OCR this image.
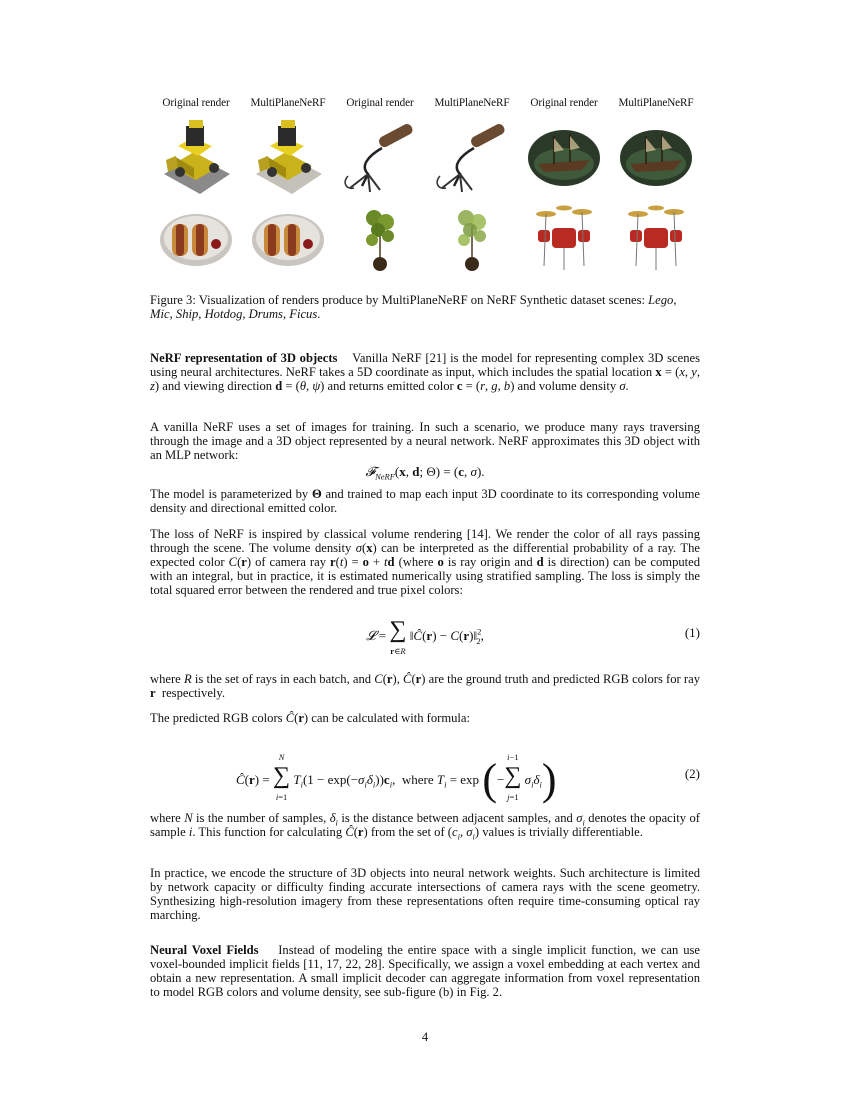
Original render	MultiPlaneNeRF	Original render	MultiPlaneNeRF	Original render	MultiPlaneNeRF

Figure 3: Visualization of renders produce by MultiPlaneNeRF on NeRF Synthetic dataset scenes: Lego, Mic, Ship, Hotdog, Drums, Ficus.

NeRF representation of 3D objects Vanilla NeRF [21] is the model for representing complex 3D scenes using neural architectures. NeRF takes a 5D coordinate as input, which includes the spatial location x = (x, y, z) and viewing direction d = (θ, ψ) and returns emitted color c = (r, g, b) and volume density σ.

A vanilla NeRF uses a set of images for training. In such a scenario, we produce many rays traversing through the image and a 3D object represented by a neural network. NeRF approximates this 3D object with an MLP network:

𝓕$_{NeRF}$(x, d; Θ) = (c, σ).

The model is parameterized by Θ and trained to map each input 3D coordinate to its corresponding volume density and directional emitted color.

The loss of NeRF is inspired by classical volume rendering [14]. We render the color of all rays passing through the scene. The volume density σ(x) can be interpreted as the differential probability of a ray. The expected color C(r) of camera ray r(t) = o + td (where o is ray origin and d is direction) can be computed with an integral, but in practice, it is estimated numerically using stratified sampling. The loss is simply the total squared error between the rendered and true pixel colors:

𝓛 = ∑
r∈R ‖Ĉ(r) − C(r)‖$^2_2$,	(1)

where R is the set of rays in each batch, and C(r), Ĉ(r) are the ground truth and predicted RGB colors for ray r respectively.

The predicted RGB colors Ĉ(r) can be calculated with formula:

Ĉ(r) = N
∑
i=1 $T_i(1 - \exp(-\sigma_i\delta_i))c_i$,  where $T_i = \exp (-i-1$
∑
j=1 $\sigma_i\delta_i$)	(2)

where N is the number of samples, $\delta_i$ is the distance between adjacent samples, and $\sigma_i$ denotes the opacity of sample i. This function for calculating Ĉ(r) from the set of ($c_i$, $\sigma_i$) values is trivially differentiable.

In practice, we encode the structure of 3D objects into neural network weights. Such architecture is limited by network capacity or difficulty finding accurate intersections of camera rays with the scene geometry. Synthesizing high-resolution imagery from these representations often require time-consuming optical ray marching.

Neural Voxel Fields Instead of modeling the entire space with a single implicit function, we can use voxel-bounded implicit fields [11, 17, 22, 28]. Specifically, we assign a voxel embedding at each vertex and obtain a new representation. A small implicit decoder can aggregate information from voxel representation to model RGB colors and volume density, see sub-figure (b) in Fig. 2.

4
